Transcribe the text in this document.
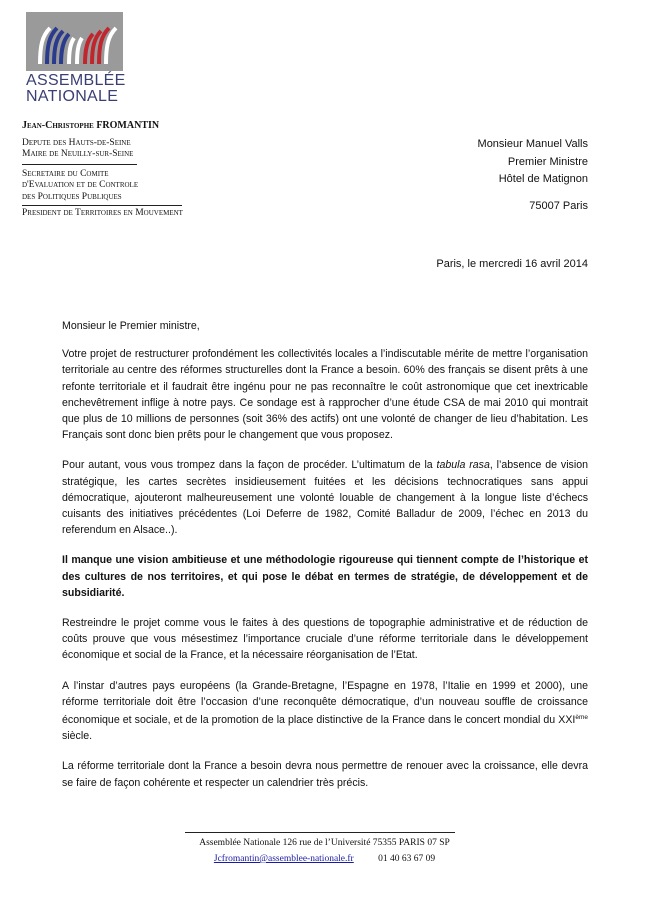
ASSEMBLÉE
NATIONALE
Jean-Christophe FROMANTIN
Depute des Hauts-de-Seine
Maire de Neuilly-sur-Seine
Secretaire du Comite
d'Evaluation et de Controle
des Politiques Publiques
President de Territoires en Mouvement
Monsieur Manuel Valls
Premier Ministre
Hôtel de Matignon
75007 Paris
Paris, le mercredi 16 avril 2014

Monsieur le Premier ministre,

Votre projet de restructurer profondément les collectivités locales a l’indiscutable mérite de mettre l’organisation territoriale au centre des réformes structurelles dont la France a besoin. 60% des français se disent prêts à une refonte territoriale et il faudrait être ingénu pour ne pas reconnaître le coût astronomique que cet inextricable enchevêtrement inflige à notre pays. Ce sondage est à rapprocher d’une étude CSA de mai 2010 qui montrait que plus de 10 millions de personnes (soit 36% des actifs) ont une volonté de changer de lieu d’habitation. Les Français sont donc bien prêts pour le changement que vous proposez.

Pour autant, vous vous trompez dans la façon de procéder. L’ultimatum de la tabula rasa, l’absence de vision stratégique, les cartes secrètes insidieusement fuitées et les décisions technocratiques sans appui démocratique, ajouteront malheureusement une volonté louable de changement à la longue liste d’échecs cuisants des initiatives précédentes (Loi Deferre de 1982, Comité Balladur de 2009, l’échec en 2013 du referendum en Alsace..).

Il manque une vision ambitieuse et une méthodologie rigoureuse qui tiennent compte de l’historique et des cultures de nos territoires, et qui pose le débat en termes de stratégie, de développement et de subsidiarité.

Restreindre le projet comme vous le faites à des questions de topographie administrative et de réduction de coûts prouve que vous mésestimez l’importance cruciale d’une réforme territoriale dans le développement économique et social de la France, et la nécessaire réorganisation de l’Etat.

A l’instar d’autres pays européens (la Grande-Bretagne, l’Espagne en 1978, l’Italie en 1999 et 2000), une réforme territoriale doit être l’occasion d’une reconquête démocratique, d’un nouveau souffle de croissance économique et sociale, et de la promotion de la place distinctive de la France dans le concert mondial du XXIème siècle.

La réforme territoriale dont la France a besoin devra nous permettre de renouer avec la croissance, elle devra se faire de façon cohérente et respecter un calendrier très précis.

Assemblée Nationale 126 rue de l’Université 75355 PARIS 07 SP
Jcfromantin@assemblee-nationale.fr	01 40 63 67 09
